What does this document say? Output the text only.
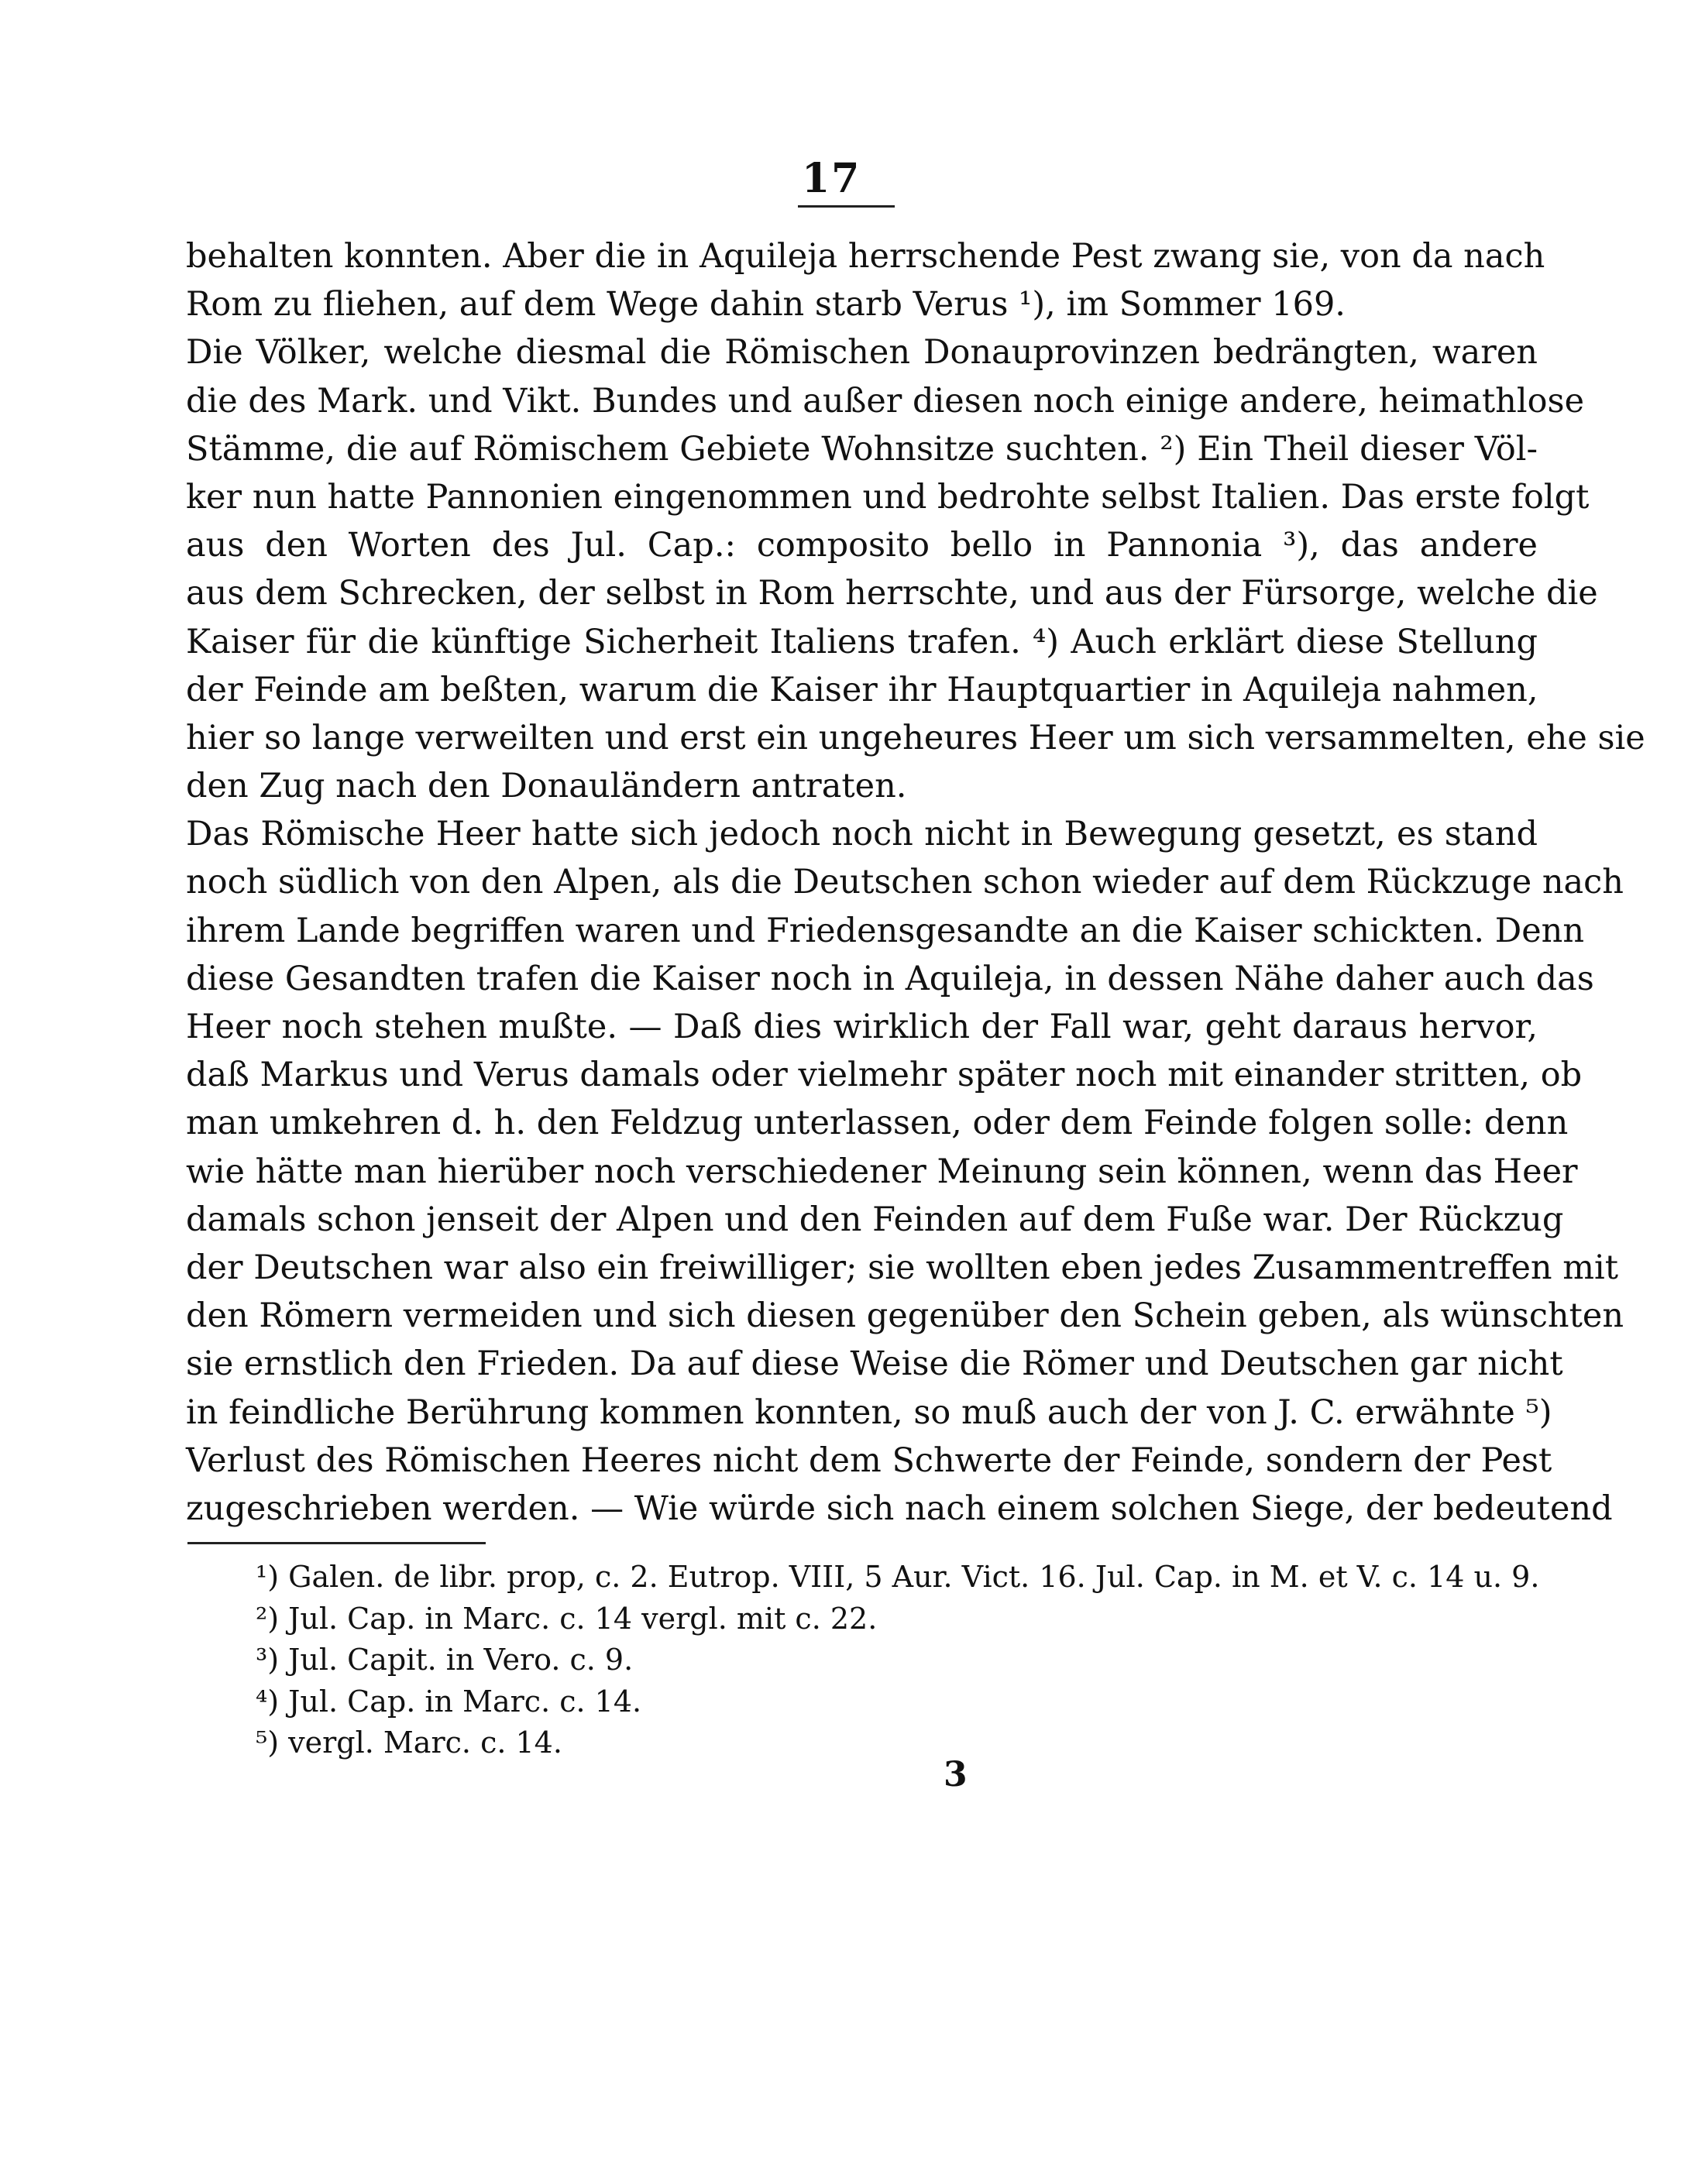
17
behalten konnten. Aber die in Aquileja herrschende Pest zwang sie, von da nach
Rom zu fliehen, auf dem Wege dahin starb Verus ¹), im Sommer 169.
Die Völker, welche diesmal die Römischen Donauprovinzen bedrängten, waren
die des Mark. und Vikt. Bundes und außer diesen noch einige andere, heimathlose
Stämme, die auf Römischem Gebiete Wohnsitze suchten. ²) Ein Theil dieser Völ-
ker nun hatte Pannonien eingenommen und bedrohte selbst Italien. Das erste folgt
aus den Worten des Jul. Cap.: composito bello in Pannonia ³), das andere
aus dem Schrecken, der selbst in Rom herrschte, und aus der Fürsorge, welche die
Kaiser für die künftige Sicherheit Italiens trafen. ⁴) Auch erklärt diese Stellung
der Feinde am beßten, warum die Kaiser ihr Hauptquartier in Aquileja nahmen,
hier so lange verweilten und erst ein ungeheures Heer um sich versammelten, ehe sie
den Zug nach den Donauländern antraten.
Das Römische Heer hatte sich jedoch noch nicht in Bewegung gesetzt, es stand
noch südlich von den Alpen, als die Deutschen schon wieder auf dem Rückzuge nach
ihrem Lande begriffen waren und Friedensgesandte an die Kaiser schickten. Denn
diese Gesandten trafen die Kaiser noch in Aquileja, in dessen Nähe daher auch das
Heer noch stehen mußte. — Daß dies wirklich der Fall war, geht daraus hervor,
daß Markus und Verus damals oder vielmehr später noch mit einander stritten, ob
man umkehren d. h. den Feldzug unterlassen, oder dem Feinde folgen solle: denn
wie hätte man hierüber noch verschiedener Meinung sein können, wenn das Heer
damals schon jenseit der Alpen und den Feinden auf dem Fuße war. Der Rückzug
der Deutschen war also ein freiwilliger; sie wollten eben jedes Zusammentreffen mit
den Römern vermeiden und sich diesen gegenüber den Schein geben, als wünschten
sie ernstlich den Frieden. Da auf diese Weise die Römer und Deutschen gar nicht
in feindliche Berührung kommen konnten, so muß auch der von J. C. erwähnte ⁵)
Verlust des Römischen Heeres nicht dem Schwerte der Feinde, sondern der Pest
zugeschrieben werden. — Wie würde sich nach einem solchen Siege, der bedeutend
¹) Galen. de libr. prop, c. 2. Eutrop. VIII, 5 Aur. Vict. 16. Jul. Cap. in M. et V. c. 14 u. 9.
²) Jul. Cap. in Marc. c. 14 vergl. mit c. 22.
³) Jul. Capit. in Vero. c. 9.
⁴) Jul. Cap. in Marc. c. 14.
⁵) vergl. Marc. c. 14.
3
